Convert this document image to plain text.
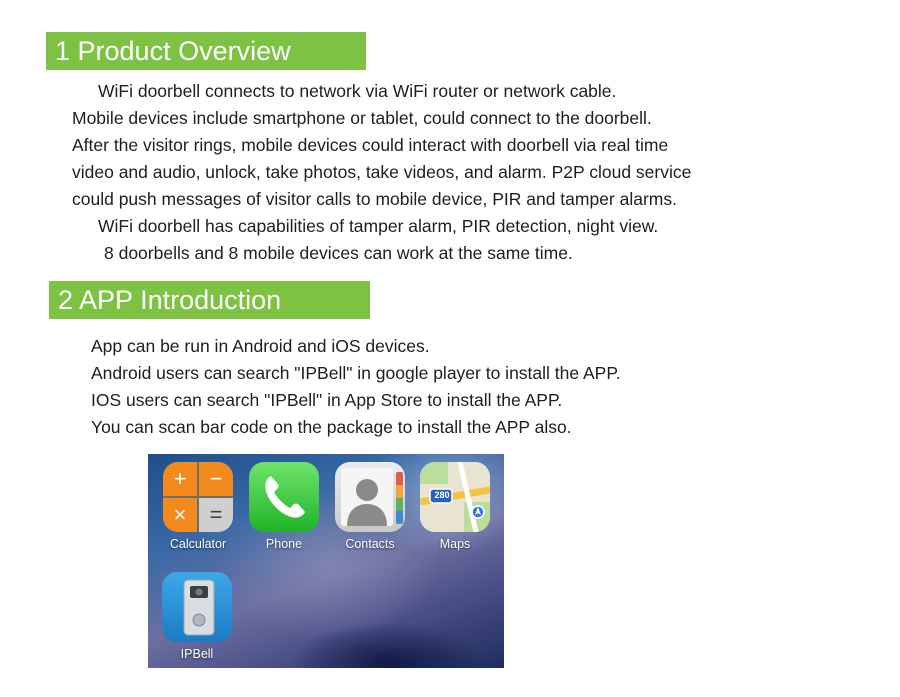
1 Product Overview
WiFi doorbell connects to network via WiFi router or network cable.
Mobile devices include smartphone or tablet, could connect to the doorbell.
After the visitor rings, mobile devices could interact with doorbell via real time
video and audio, unlock, take photos, take videos, and alarm. P2P cloud service
could push messages of visitor calls to mobile device, PIR and tamper alarms.
WiFi doorbell has capabilities of tamper alarm, PIR detection, night view.
8 doorbells and 8 mobile devices can work at the same time.
2 APP Introduction
App can be run in Android and iOS devices.
Android users can search "IPBell" in google player to install the APP.
IOS users can search "IPBell" in App Store to install the APP.
You can scan bar code on the package to install the APP also.
+	−
×	=
Calculator	Phone	Contacts
280
Maps
IPBell
